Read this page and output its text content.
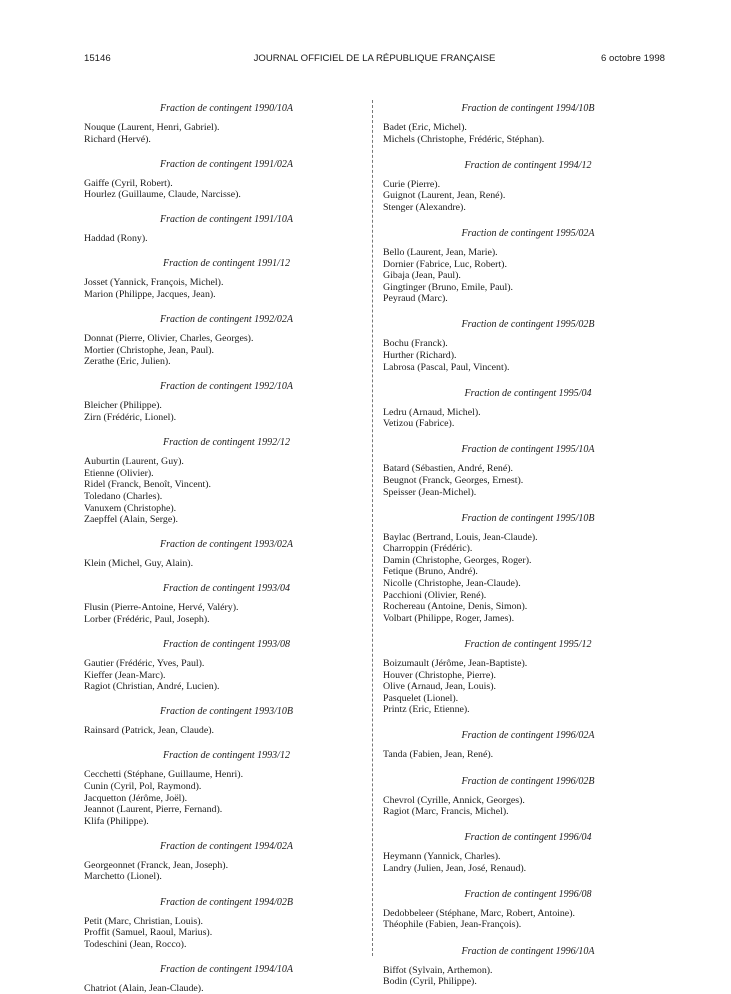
15146	JOURNAL OFFICIEL DE LA RÉPUBLIQUE FRANÇAISE	6 octobre 1998
Fraction de contingent 1990/10A
Nouque (Laurent, Henri, Gabriel).
Richard (Hervé).
Fraction de contingent 1991/02A
Gaiffe (Cyril, Robert).
Hourlez (Guillaume, Claude, Narcisse).
Fraction de contingent 1991/10A
Haddad (Rony).
Fraction de contingent 1991/12
Josset (Yannick, François, Michel).
Marion (Philippe, Jacques, Jean).
Fraction de contingent 1992/02A
Donnat (Pierre, Olivier, Charles, Georges).
Mortier (Christophe, Jean, Paul).
Zerathe (Eric, Julien).
Fraction de contingent 1992/10A
Bleicher (Philippe).
Zirn (Frédéric, Lionel).
Fraction de contingent 1992/12
Auburtin (Laurent, Guy).
Etienne (Olivier).
Ridel (Franck, Benoît, Vincent).
Toledano (Charles).
Vanuxem (Christophe).
Zaepffel (Alain, Serge).
Fraction de contingent 1993/02A
Klein (Michel, Guy, Alain).
Fraction de contingent 1993/04
Flusin (Pierre-Antoine, Hervé, Valéry).
Lorber (Frédéric, Paul, Joseph).
Fraction de contingent 1993/08
Gautier (Frédéric, Yves, Paul).
Kieffer (Jean-Marc).
Ragiot (Christian, André, Lucien).
Fraction de contingent 1993/10B
Rainsard (Patrick, Jean, Claude).
Fraction de contingent 1993/12
Cecchetti (Stéphane, Guillaume, Henri).
Cunin (Cyril, Pol, Raymond).
Jacquetton (Jérôme, Joël).
Jeannot (Laurent, Pierre, Fernand).
Klifa (Philippe).
Fraction de contingent 1994/02A
Georgeonnet (Franck, Jean, Joseph).
Marchetto (Lionel).
Fraction de contingent 1994/02B
Petit (Marc, Christian, Louis).
Proffit (Samuel, Raoul, Marius).
Todeschini (Jean, Rocco).
Fraction de contingent 1994/10A
Chatriot (Alain, Jean-Claude).
Fraction de contingent 1994/10B
Badet (Eric, Michel).
Michels (Christophe, Frédéric, Stéphan).
Fraction de contingent 1994/12
Curie (Pierre).
Guignot (Laurent, Jean, René).
Stenger (Alexandre).
Fraction de contingent 1995/02A
Bello (Laurent, Jean, Marie).
Dornier (Fabrice, Luc, Robert).
Gibaja (Jean, Paul).
Gingtinger (Bruno, Emile, Paul).
Peyraud (Marc).
Fraction de contingent 1995/02B
Bochu (Franck).
Hurther (Richard).
Labrosa (Pascal, Paul, Vincent).
Fraction de contingent 1995/04
Ledru (Arnaud, Michel).
Vetizou (Fabrice).
Fraction de contingent 1995/10A
Batard (Sébastien, André, René).
Beugnot (Franck, Georges, Ernest).
Speisser (Jean-Michel).
Fraction de contingent 1995/10B
Baylac (Bertrand, Louis, Jean-Claude).
Charroppin (Frédéric).
Damin (Christophe, Georges, Roger).
Fetique (Bruno, André).
Nicolle (Christophe, Jean-Claude).
Pacchioni (Olivier, René).
Rochereau (Antoine, Denis, Simon).
Volbart (Philippe, Roger, James).
Fraction de contingent 1995/12
Boizumault (Jérôme, Jean-Baptiste).
Houver (Christophe, Pierre).
Olive (Arnaud, Jean, Louis).
Pasquelet (Lionel).
Printz (Eric, Etienne).
Fraction de contingent 1996/02A
Tanda (Fabien, Jean, René).
Fraction de contingent 1996/02B
Chevrol (Cyrille, Annick, Georges).
Ragiot (Marc, Francis, Michel).
Fraction de contingent 1996/04
Heymann (Yannick, Charles).
Landry (Julien, Jean, José, Renaud).
Fraction de contingent 1996/08
Dedobbeleer (Stéphane, Marc, Robert, Antoine).
Théophile (Fabien, Jean-François).
Fraction de contingent 1996/10A
Biffot (Sylvain, Arthemon).
Bodin (Cyril, Philippe).
